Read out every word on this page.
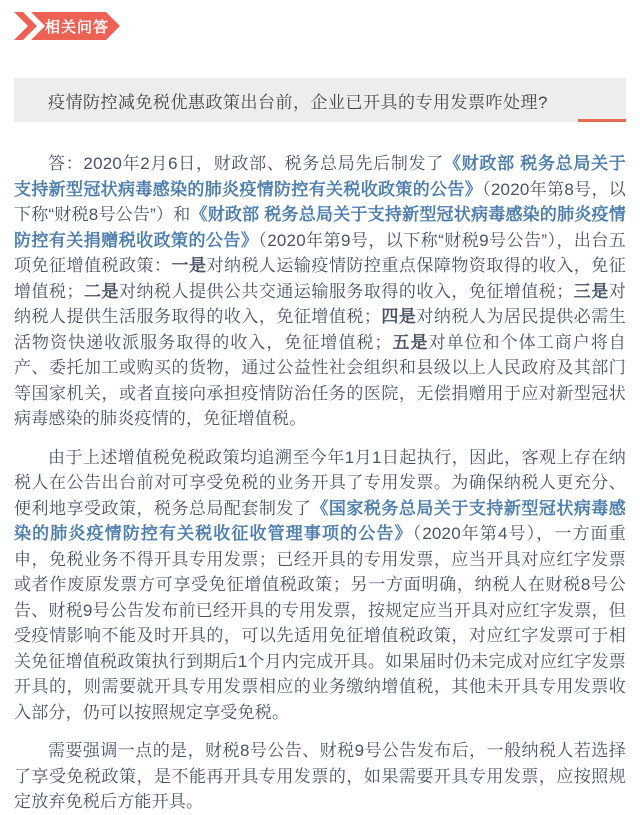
相关问答
疫情防控减免税优惠政策出台前，企业已开具的专用发票咋处理?

答：2020年2月6日，财政部、税务总局先后制发了《财政部 税务总局关于支持新型冠状病毒感染的肺炎疫情防控有关税收政策的公告》（2020年第8号，以下称“财税8号公告”）和《财政部 税务总局关于支持新型冠状病毒感染的肺炎疫情防控有关捐赠税收政策的公告》（2020年第9号，以下称“财税9号公告”），出台五项免征增值税政策：一是对纳税人运输疫情防控重点保障物资取得的收入，免征增值税；二是对纳税人提供公共交通运输服务取得的收入，免征增值税；三是对纳税人提供生活服务取得的收入，免征增值税；四是对纳税人为居民提供必需生活物资快递收派服务取得的收入，免征增值税；五是对单位和个体工商户将自产、委托加工或购买的货物，通过公益性社会组织和县级以上人民政府及其部门等国家机关，或者直接向承担疫情防治任务的医院，无偿捐赠用于应对新型冠状病毒感染的肺炎疫情的，免征增值税。

由于上述增值税免税政策均追溯至今年1月1日起执行，因此，客观上存在纳税人在公告出台前对可享受免税的业务开具了专用发票。为确保纳税人更充分、便利地享受政策，税务总局配套制发了《国家税务总局关于支持新型冠状病毒感染的肺炎疫情防控有关税收征收管理事项的公告》（2020年第4号），一方面重申，免税业务不得开具专用发票；已经开具的专用发票，应当开具对应红字发票或者作废原发票方可享受免征增值税政策；另一方面明确，纳税人在财税8号公告、财税9号公告发布前已经开具的专用发票，按规定应当开具对应红字发票，但受疫情影响不能及时开具的，可以先适用免征增值税政策，对应红字发票可于相关免征增值税政策执行到期后1个月内完成开具。如果届时仍未完成对应红字发票开具的，则需要就开具专用发票相应的业务缴纳增值税，其他未开具专用发票收入部分，仍可以按照规定享受免税。

需要强调一点的是，财税8号公告、财税9号公告发布后，一般纳税人若选择了享受免税政策，是不能再开具专用发票的，如果需要开具专用发票，应按照规定放弃免税后方能开具。
